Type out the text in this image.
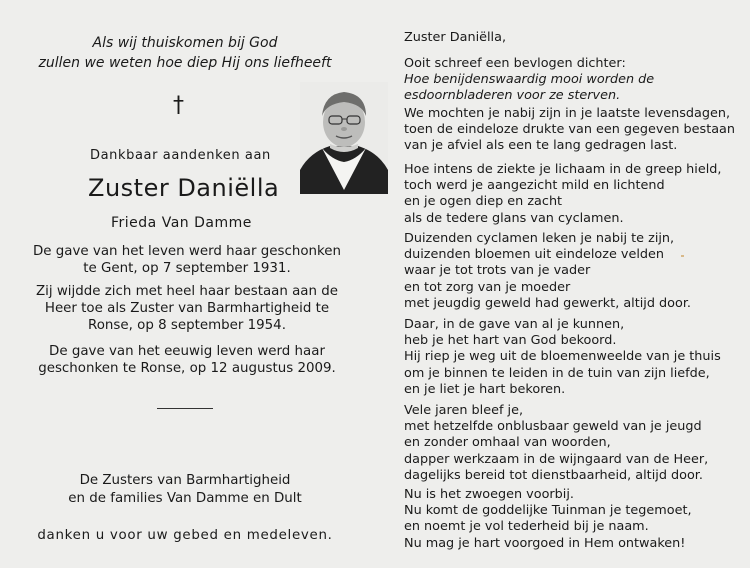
Als wij thuiskomen bij God
zullen we weten hoe diep Hij ons liefheeft
†
Dankbaar aandenken aan
Zuster Daniëlla
Frieda Van Damme
De gave van het leven werd haar geschonken
te Gent, op 7 september 1931.
Zij wijdde zich met heel haar bestaan aan de
Heer toe als Zuster van Barmhartigheid te
Ronse, op 8 september 1954.
De gave van het eeuwig leven werd haar
geschonken te Ronse, op 12 augustus 2009.
De Zusters van Barmhartigheid
en de families Van Damme en Dult
danken u voor uw gebed en medeleven.
Zuster Daniëlla,
Ooit schreef een bevlogen dichter:
Hoe benijdenswaardig mooi worden de
esdoornbladeren voor ze sterven.
We mochten je nabij zijn in je laatste levensdagen,
toen de eindeloze drukte van een gegeven bestaan
van je afviel als een te lang gedragen last.
Hoe intens de ziekte je lichaam in de greep hield,
toch werd je aangezicht mild en lichtend
en je ogen diep en zacht
als de tedere glans van cyclamen.
Duizenden cyclamen leken je nabij te zijn,
duizenden bloemen uit eindeloze velden
waar je tot trots van je vader
en tot zorg van je moeder
met jeugdig geweld had gewerkt, altijd door.
Daar, in de gave van al je kunnen,
heb je het hart van God bekoord.
Hij riep je weg uit de bloemenweelde van je thuis
om je binnen te leiden in de tuin van zijn liefde,
en je liet je hart bekoren.
Vele jaren bleef je,
met hetzelfde onblusbaar geweld van je jeugd
en zonder omhaal van woorden,
dapper werkzaam in de wijngaard van de Heer,
dagelijks bereid tot dienstbaarheid, altijd door.
Nu is het zwoegen voorbij.
Nu komt de goddelijke Tuinman je tegemoet,
en noemt je vol tederheid bij je naam.
Nu mag je hart voorgoed in Hem ontwaken!
